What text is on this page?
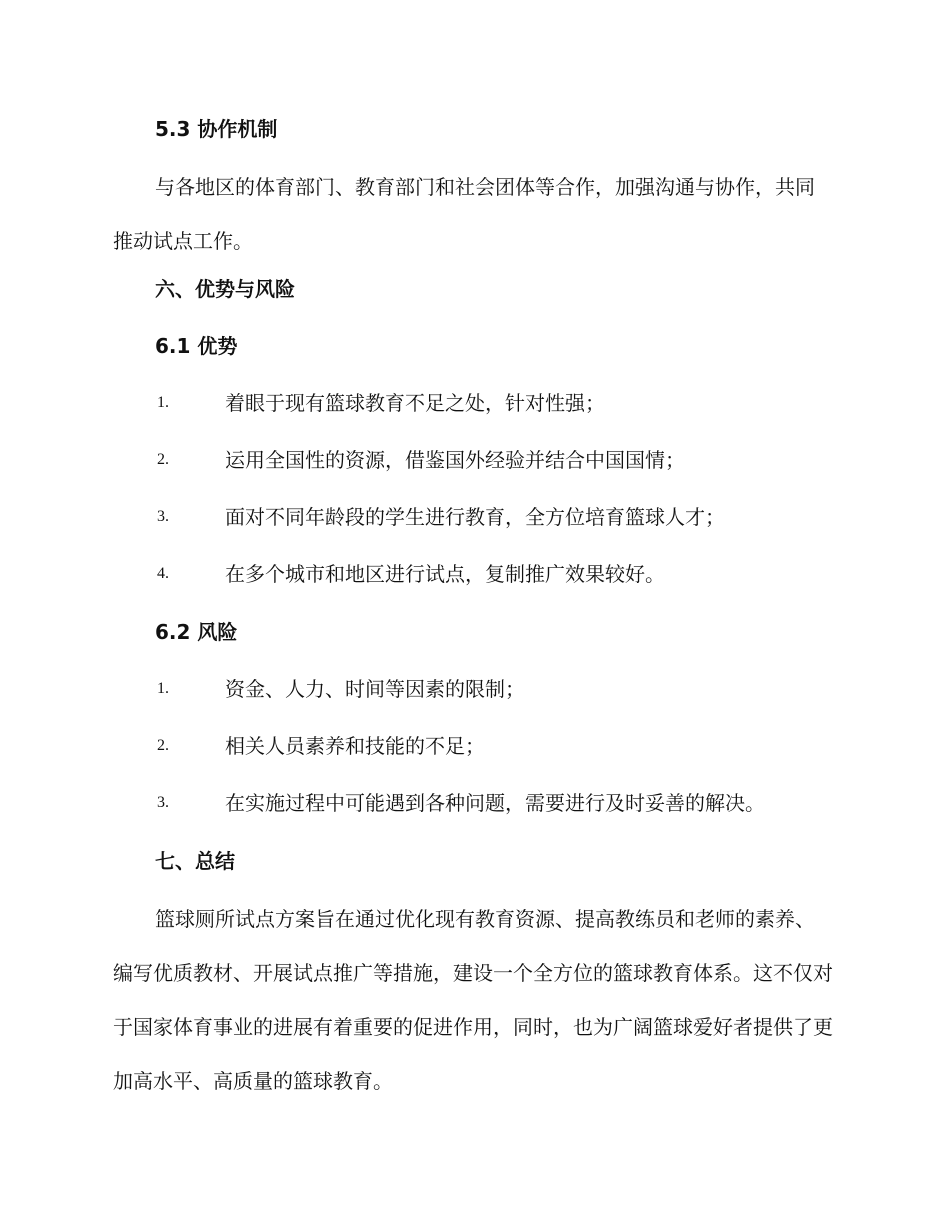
5.3 协作机制

与各地区的体育部门、教育部门和社会团体等合作，加强沟通与协作，共同推动试点工作。

六、优势与风险
6.1 优势
1.	着眼于现有篮球教育不足之处，针对性强；
2.	运用全国性的资源，借鉴国外经验并结合中国国情；
3.	面对不同年龄段的学生进行教育，全方位培育篮球人才；
4.	在多个城市和地区进行试点，复制推广效果较好。
6.2 风险
1.	资金、人力、时间等因素的限制；
2.	相关人员素养和技能的不足；
3.	在实施过程中可能遇到各种问题，需要进行及时妥善的解决。
七、总结

篮球厕所试点方案旨在通过优化现有教育资源、提高教练员和老师的素养、编写优质教材、开展试点推广等措施，建设一个全方位的篮球教育体系。这不仅对于国家体育事业的进展有着重要的促进作用，同时，也为广阔篮球爱好者提供了更加高水平、高质量的篮球教育。
